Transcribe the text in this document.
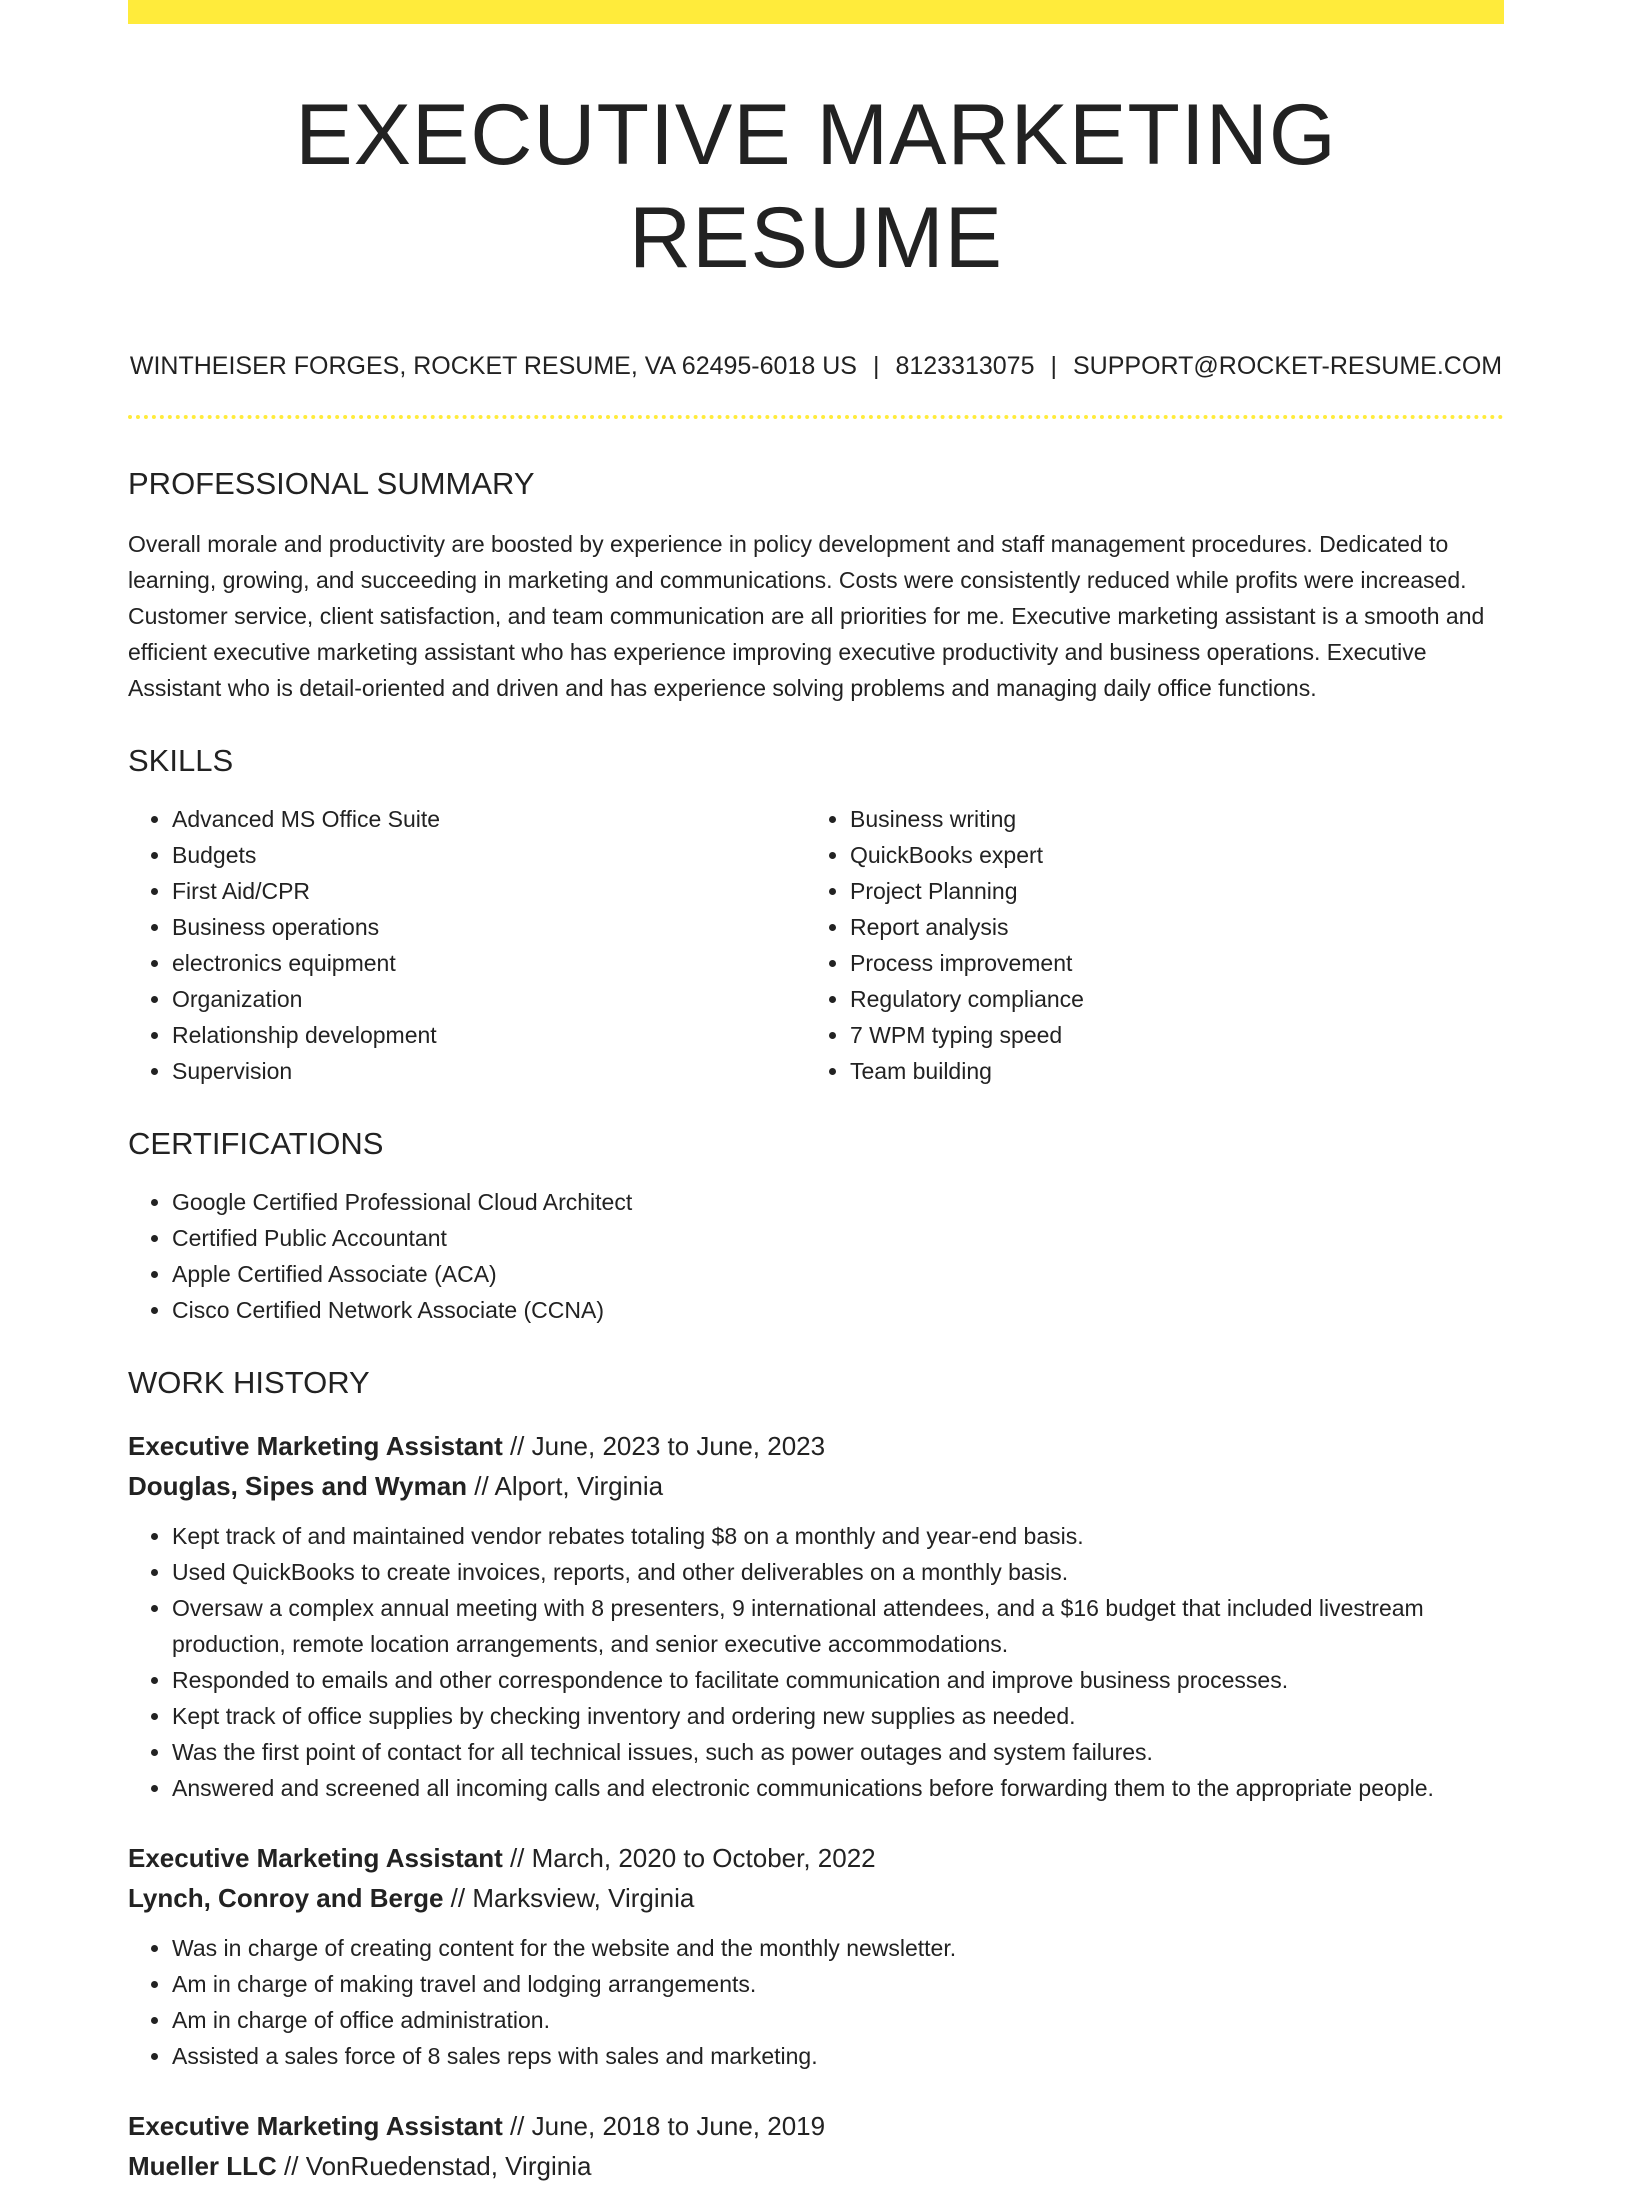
EXECUTIVE MARKETING RESUME
WINTHEISER FORGES, ROCKET RESUME, VA 62495-6018 US | 8123313075 | SUPPORT@ROCKET-RESUME.COM
PROFESSIONAL SUMMARY

Overall morale and productivity are boosted by experience in policy development and staff management procedures. Dedicated to learning, growing, and succeeding in marketing and communications. Costs were consistently reduced while profits were increased. Customer service, client satisfaction, and team communication are all priorities for me. Executive marketing assistant is a smooth and efficient executive marketing assistant who has experience improving executive productivity and business operations. Executive Assistant who is detail-oriented and driven and has experience solving problems and managing daily office functions.

SKILLS
• Advanced MS Office Suite
• Budgets
• First Aid/CPR
• Business operations
• electronics equipment
• Organization
• Relationship development
• Supervision
• Business writing
• QuickBooks expert
• Project Planning
• Report analysis
• Process improvement
• Regulatory compliance
• 7 WPM typing speed
• Team building
CERTIFICATIONS
• Google Certified Professional Cloud Architect
• Certified Public Accountant
• Apple Certified Associate (ACA)
• Cisco Certified Network Associate (CCNA)
WORK HISTORY
Executive Marketing Assistant // June, 2023 to June, 2023
Douglas, Sipes and Wyman // Alport, Virginia
• Kept track of and maintained vendor rebates totaling $8 on a monthly and year-end basis.
• Used QuickBooks to create invoices, reports, and other deliverables on a monthly basis.
• Oversaw a complex annual meeting with 8 presenters, 9 international attendees, and a $16 budget that included livestream production, remote location arrangements, and senior executive accommodations.
• Responded to emails and other correspondence to facilitate communication and improve business processes.
• Kept track of office supplies by checking inventory and ordering new supplies as needed.
• Was the first point of contact for all technical issues, such as power outages and system failures.
• Answered and screened all incoming calls and electronic communications before forwarding them to the appropriate people.
Executive Marketing Assistant // March, 2020 to October, 2022
Lynch, Conroy and Berge // Marksview, Virginia
• Was in charge of creating content for the website and the monthly newsletter.
• Am in charge of making travel and lodging arrangements.
• Am in charge of office administration.
• Assisted a sales force of 8 sales reps with sales and marketing.
Executive Marketing Assistant // June, 2018 to June, 2019
Mueller LLC // VonRuedenstad, Virginia
